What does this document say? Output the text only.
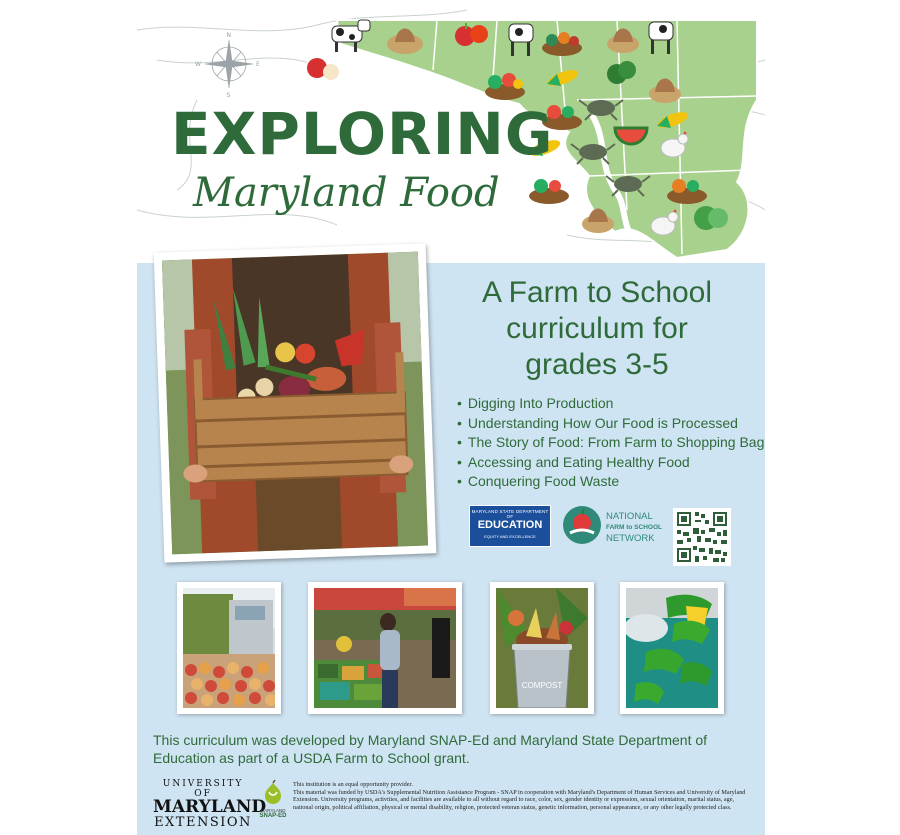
N
S
E
W
EXPLORING
Maryland Food
A Farm to School
curriculum for
grades 3-5
• Digging Into Production
• Understanding How Our Food is Processed
• The Story of Food: From Farm to Shopping Bag
• Accessing and Eating Healthy Food
• Conquering Food Waste
MARYLAND STATE DEPARTMENT OF
EDUCATION
EQUITY AND EXCELLENCE
NATIONAL
FARM to SCHOOL
NETWORK
COMPOST
This curriculum was developed by Maryland SNAP-Ed and Maryland State Department of Education as part of a USDA Farm to School grant.
UNIVERSITY OF
MARYLAND
EXTENSION
MARYLAND
SNAP-ED
This institution is an equal opportunity provider.
This material was funded by USDA's Supplemental Nutrition Assistance Program - SNAP in cooperation with Maryland's Department of Human Services and University of Maryland Extension. University programs, activities, and facilities are available to all without regard to race, color, sex, gender identity or expression, sexual orientation, marital status, age, national origin, political affiliation, physical or mental disability, religion, protected veteran status, genetic information, personal appearance, or any other legally protected class.
